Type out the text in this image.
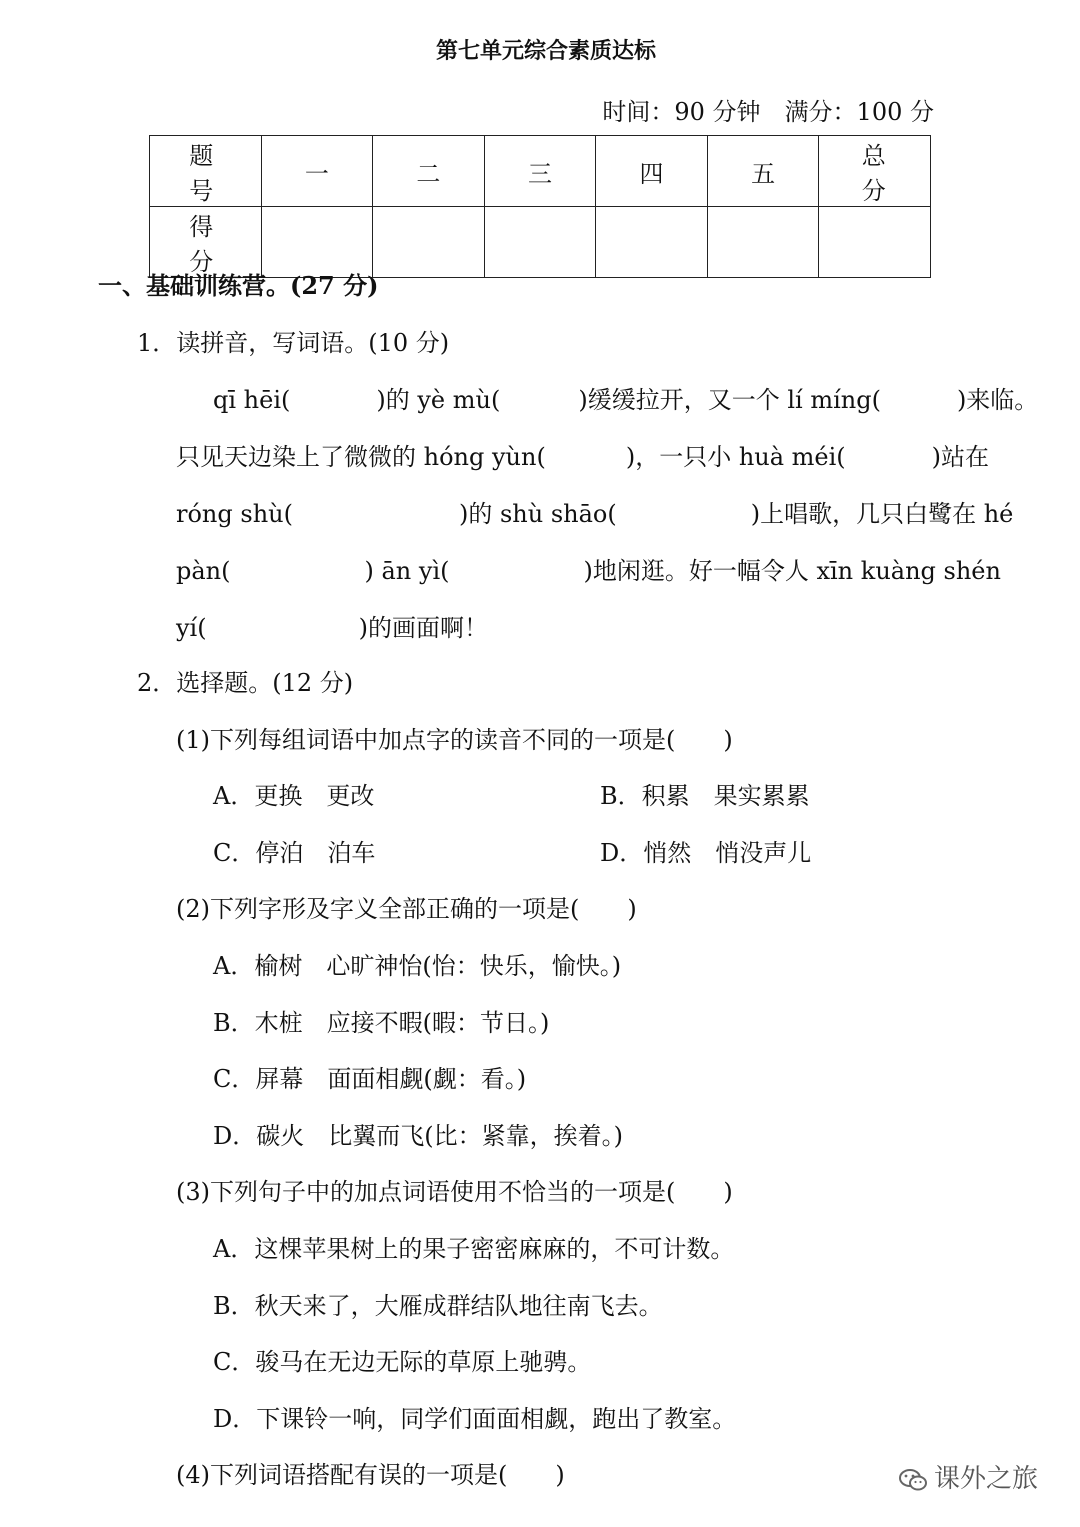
第七单元综合素质达标
时间：90 分钟 满分：100 分
题 号	一	二	三	四	五	总 分
得 分						
一、基础训练营。(27 分)
1．读拼音，写词语。(10 分)
qī hēi(	)的 yè mù(	)缓缓拉开，又一个 lí míng(	)来临。
只见天边染上了微微的 hóng yùn(	)，一只小 huà méi(	)站在
róng shù(	)的 shù shāo(	)上唱歌，几只白鹭在 hé
pàn(	) ān yì(	)地闲逛。好一幅令人 xīn kuàng shén
yí(	)的画面啊！
2．选择题。(12 分)
(1)下列每组词语中加点字的读音不同的一项是(　　)
A．更换　更改	B．积累　果实累累
C．停泊　泊车	D．悄然　悄没声儿
(2)下列字形及字义全部正确的一项是(　　)
A．榆树　心旷神怡(怡：快乐，愉快。)
B．木桩　应接不暇(暇：节日。)
C．屏幕　面面相觑(觑：看。)
D．碳火　比翼而飞(比：紧靠，挨着。)
(3)下列句子中的加点词语使用不恰当的一项是(　　)
A．这棵苹果树上的果子密密麻麻的，不可计数。
B．秋天来了，大雁成群结队地往南飞去。
C．骏马在无边无际的草原上驰骋。
D．下课铃一响，同学们面面相觑，跑出了教室。
(4)下列词语搭配有误的一项是(　　)	课外之旅
